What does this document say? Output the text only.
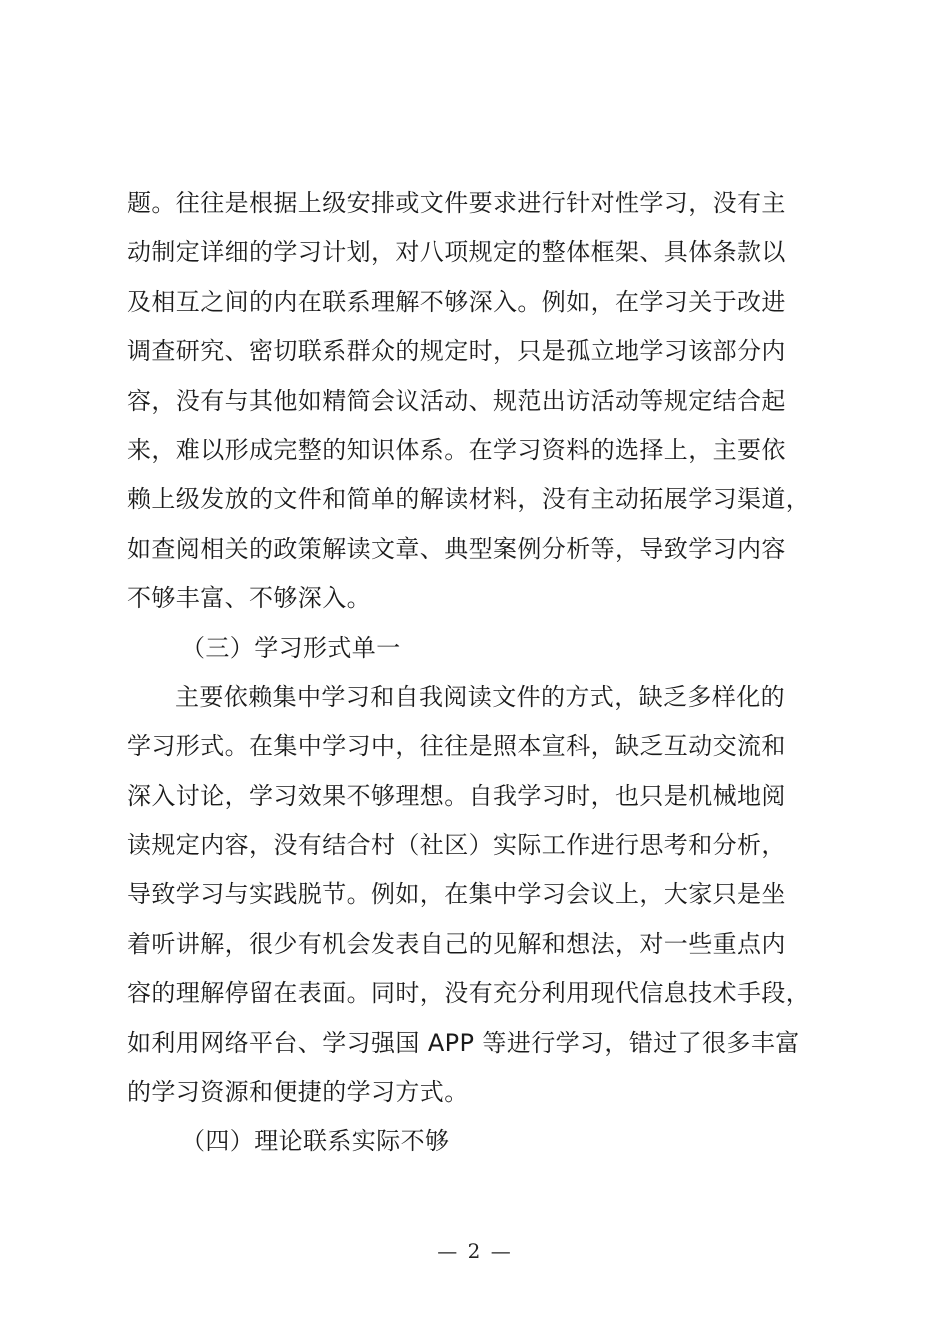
题。往往是根据上级安排或文件要求进行针对性学习，没有主
动制定详细的学习计划，对八项规定的整体框架、具体条款以
及相互之间的内在联系理解不够深入。例如，在学习关于改进
调查研究、密切联系群众的规定时，只是孤立地学习该部分内
容，没有与其他如精简会议活动、规范出访活动等规定结合起
来，难以形成完整的知识体系。在学习资料的选择上，主要依
赖上级发放的文件和简单的解读材料，没有主动拓展学习渠道，
如查阅相关的政策解读文章、典型案例分析等，导致学习内容
不够丰富、不够深入。
（三）学习形式单一
主要依赖集中学习和自我阅读文件的方式，缺乏多样化的
学习形式。在集中学习中，往往是照本宣科，缺乏互动交流和
深入讨论，学习效果不够理想。自我学习时，也只是机械地阅
读规定内容，没有结合村（社区）实际工作进行思考和分析，
导致学习与实践脱节。例如，在集中学习会议上，大家只是坐
着听讲解，很少有机会发表自己的见解和想法，对一些重点内
容的理解停留在表面。同时，没有充分利用现代信息技术手段，
如利用网络平台、学习强国 APP 等进行学习，错过了很多丰富
的学习资源和便捷的学习方式。
（四）理论联系实际不够
— 2 —
